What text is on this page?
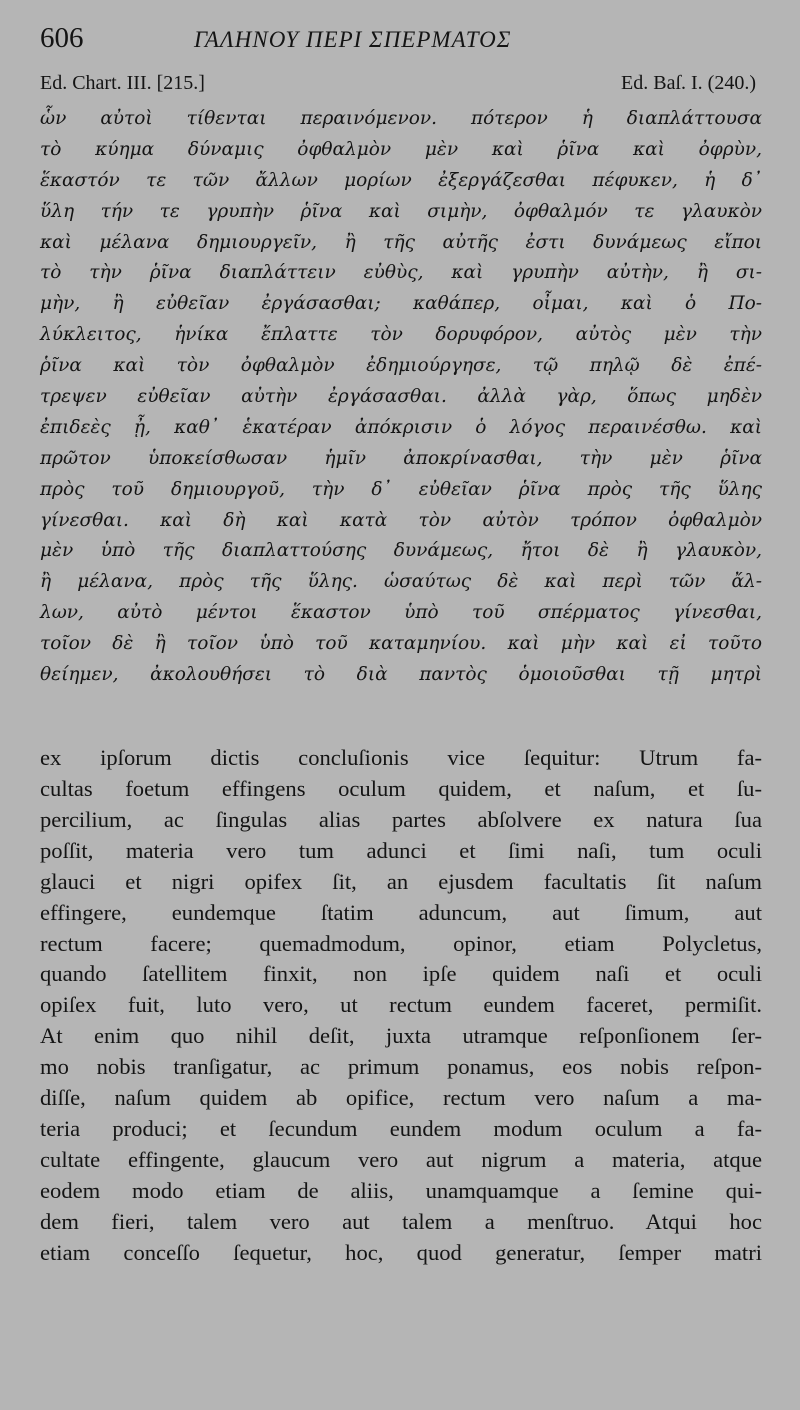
606	ΓΑΛΗΝΟΥ ΠΕΡΙ ΣΠΕΡΜΑΤΟΣ
Ed. Chart. III. [215.]	Ed. Baſ. I. (240.)
ὧν αὐτοὶ τίθενται περαινόμενον. πότερον ἡ διαπλάττουσα
τὸ κύημα δύναμις ὀφθαλμὸν μὲν καὶ ῥῖνα καὶ ὀφρὺν,
ἕκαστόν τε τῶν ἄλλων μορίων ἐξεργάζεσθαι πέφυκεν, ἡ δ᾽
ὕλη τήν τε γρυπὴν ῥῖνα καὶ σιμὴν, ὀφθαλμόν τε γλαυκὸν
καὶ μέλανα δημιουργεῖν, ἢ τῆς αὐτῆς ἐστι δυνάμεως εἴποι
τὸ τὴν ῥῖνα διαπλάττειν εὐθὺς, καὶ γρυπὴν αὐτὴν, ἢ σι-
μὴν, ἢ εὐθεῖαν ἐργάσασθαι; καθάπερ, οἶμαι, καὶ ὁ Πο-
λύκλειτος, ἡνίκα ἔπλαττε τὸν δορυφόρον, αὐτὸς μὲν τὴν
ῥῖνα καὶ τὸν ὀφθαλμὸν ἐδημιούργησε, τῷ πηλῷ δὲ ἐπέ-
τρεψεν εὐθεῖαν αὐτὴν ἐργάσασθαι. ἀλλὰ γὰρ, ὅπως μηδὲν
ἐπιδεὲς ᾖ, καθ᾽ ἑκατέραν ἀπόκρισιν ὁ λόγος περαινέσθω. καὶ
πρῶτον ὑποκείσθωσαν ἡμῖν ἀποκρίνασθαι, τὴν μὲν ῥῖνα
πρὸς τοῦ δημιουργοῦ, τὴν δ᾽ εὐθεῖαν ῥῖνα πρὸς τῆς ὕλης
γίνεσθαι. καὶ δὴ καὶ κατὰ τὸν αὐτὸν τρόπον ὀφθαλμὸν
μὲν ὑπὸ τῆς διαπλαττούσης δυνάμεως, ἤτοι δὲ ἢ γλαυκὸν,
ἢ μέλανα, πρὸς τῆς ὕλης. ὡσαύτως δὲ καὶ περὶ τῶν ἄλ-
λων, αὐτὸ μέντοι ἕκαστον ὑπὸ τοῦ σπέρματος γίνεσθαι,
τοῖον δὲ ἢ τοῖον ὑπὸ τοῦ καταμηνίου. καὶ μὴν καὶ εἰ τοῦτο
θείημεν, ἀκολουθήσει τὸ διὰ παντὸς ὁμοιοῦσθαι τῇ μητρὶ
ex ipſorum dictis concluſionis vice ſequitur: Utrum fa-
cultas foetum effingens oculum quidem, et naſum, et ſu-
percilium, ac ſingulas alias partes abſolvere ex natura ſua
poſſit, materia vero tum adunci et ſimi naſi, tum oculi
glauci et nigri opifex ſit, an ejusdem facultatis ſit naſum
effingere, eundemque ſtatim aduncum, aut ſimum, aut
rectum facere; quemadmodum, opinor, etiam Polycletus,
quando ſatellitem finxit, non ipſe quidem naſi et oculi
opiſex fuit, luto vero, ut rectum eundem faceret, permiſit.
At enim quo nihil deſit, juxta utramque reſponſionem ſer-
mo nobis tranſigatur, ac primum ponamus, eos nobis reſpon-
diſſe, naſum quidem ab opifice, rectum vero naſum a ma-
teria produci; et ſecundum eundem modum oculum a fa-
cultate effingente, glaucum vero aut nigrum a materia, atque
eodem modo etiam de aliis, unamquamque a ſemine qui-
dem fieri, talem vero aut talem a menſtruo. Atqui hoc
etiam conceſſo ſequetur, hoc, quod generatur, ſemper matri
